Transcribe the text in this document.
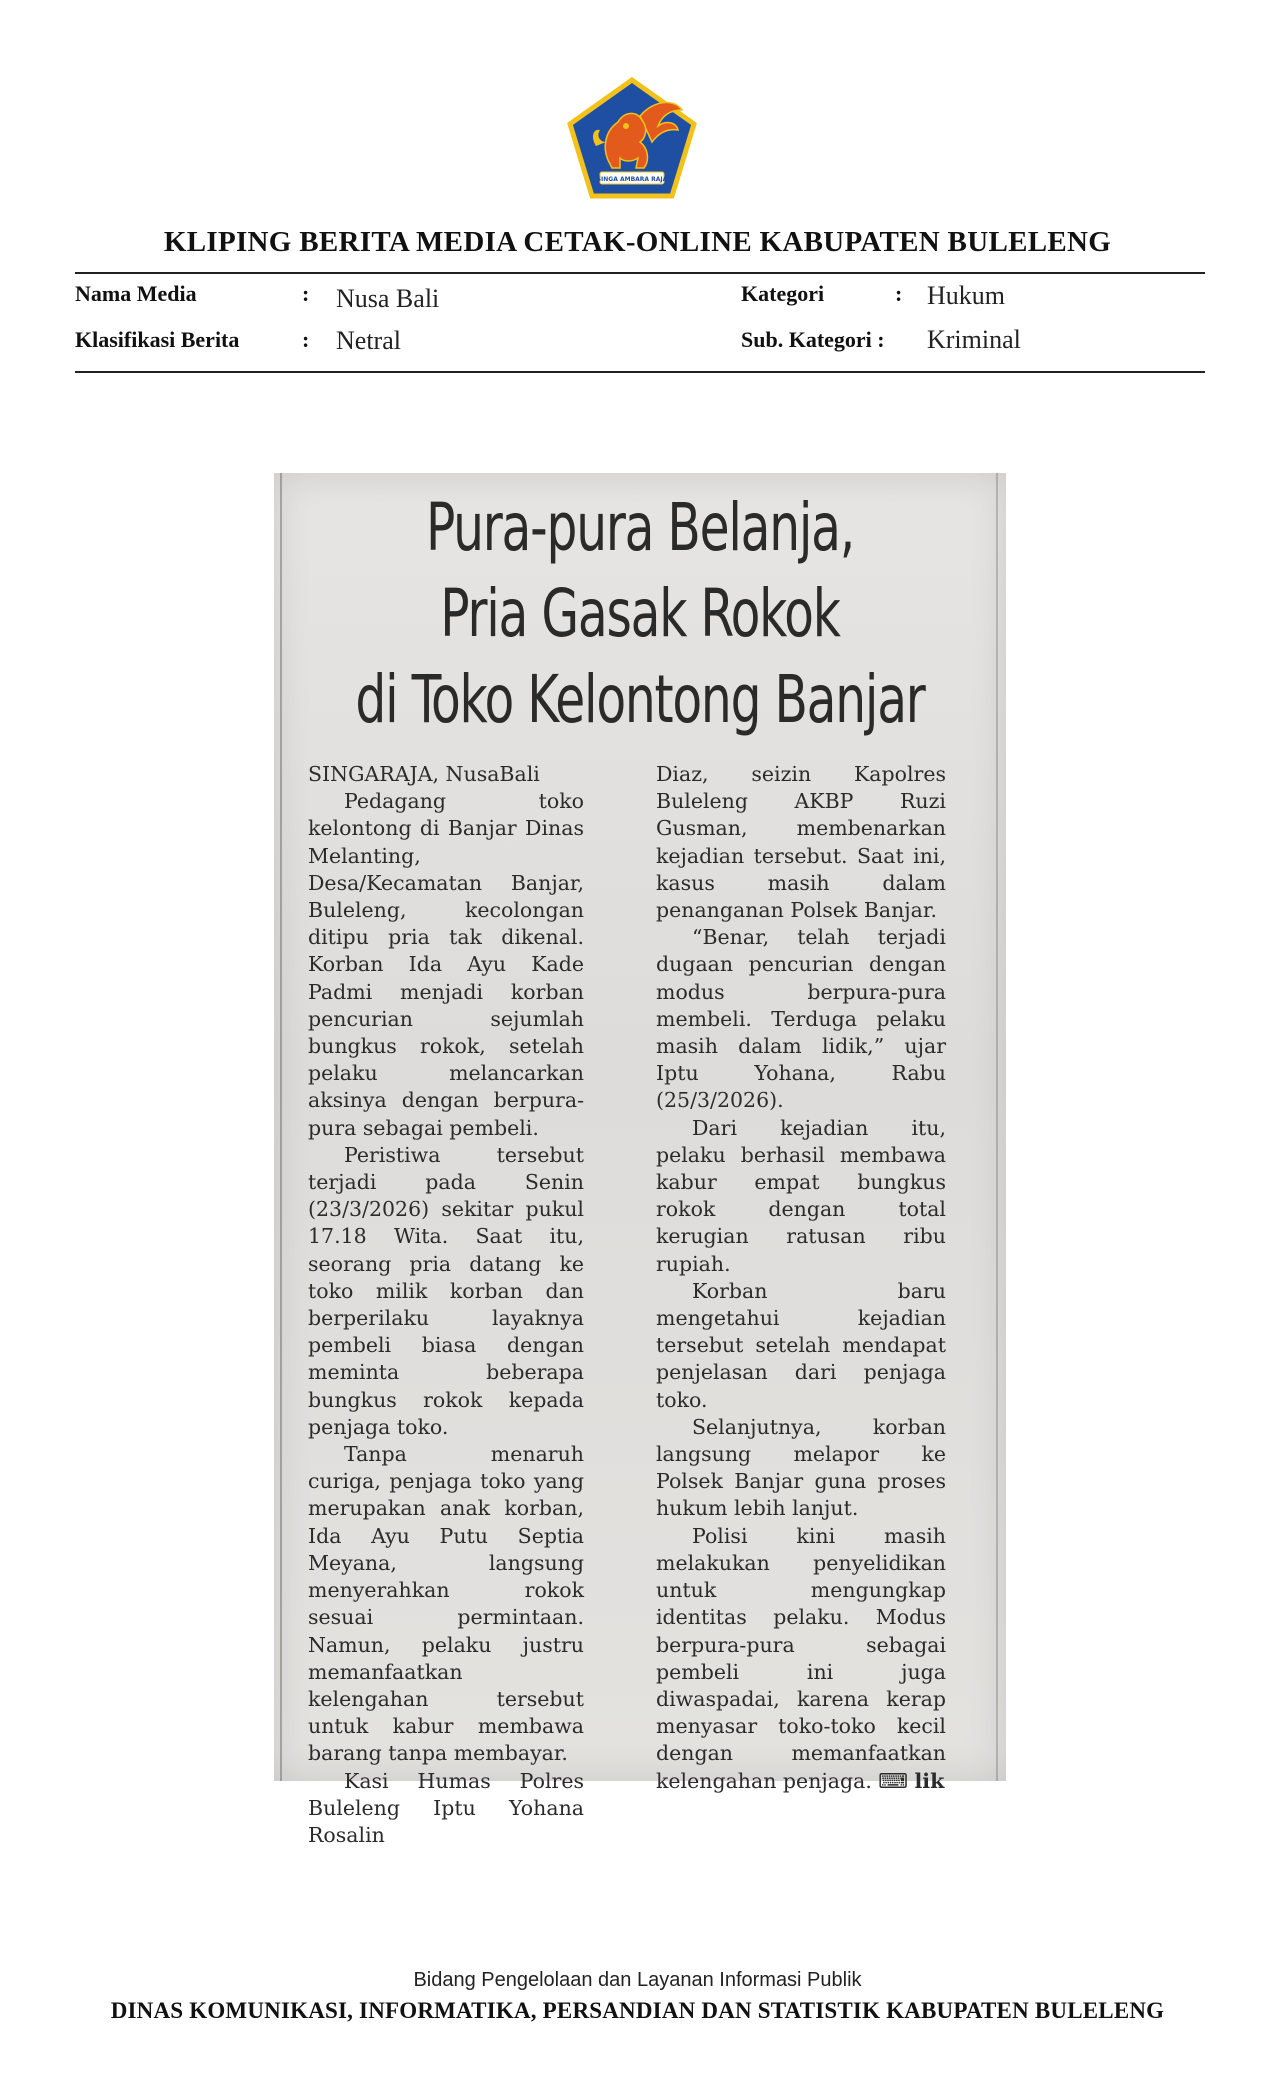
SINGA AMBARA RAJA
KLIPING BERITA MEDIA CETAK-ONLINE KABUPATEN BULELENG
Nama Media	: Nusa Bali
Klasifikasi Berita	: Netral
Kategori	: Hukum
Sub. Kategori : Kriminal
Pura-pura Belanja,
Pria Gasak Rokok
di Toko Kelontong Banjar

SINGARAJA, NusaBali

Pedagang toko kelontong di Banjar Dinas Melanting, Desa/Kecamatan Banjar, Buleleng, kecolongan ditipu pria tak dikenal. Korban Ida Ayu Kade Padmi menjadi korban pencurian sejumlah bungkus rokok, setelah pelaku melancarkan aksinya dengan berpura-pura sebagai pembeli.

Peristiwa tersebut terjadi pada Senin (23/3/2026) sekitar pukul 17.18 Wita. Saat itu, seorang pria datang ke toko milik korban dan berperilaku layaknya pembeli biasa dengan meminta beberapa bungkus rokok kepada penjaga toko.

Tanpa menaruh curiga, penjaga toko yang merupakan anak korban, Ida Ayu Putu Septia Meyana, langsung menyerahkan rokok sesuai permintaan. Namun, pelaku justru memanfaatkan kelengahan tersebut untuk kabur membawa barang tanpa membayar.

Kasi Humas Polres Buleleng Iptu Yohana Rosalin

Diaz, seizin Kapolres Buleleng AKBP Ruzi Gusman, membenarkan kejadian tersebut. Saat ini, kasus masih dalam penanganan Polsek Banjar.

“Benar, telah terjadi dugaan pencurian dengan modus berpura-pura membeli. Terduga pelaku masih dalam lidik,” ujar Iptu Yohana, Rabu (25/3/2026).

Dari kejadian itu, pelaku berhasil membawa kabur empat bungkus rokok dengan total kerugian ratusan ribu rupiah.

Korban baru mengetahui kejadian tersebut setelah mendapat penjelasan dari penjaga toko.

Selanjutnya, korban langsung melapor ke Polsek Banjar guna proses hukum lebih lanjut.

Polisi kini masih melakukan penyelidikan untuk mengungkap identitas pelaku. Modus berpura-pura sebagai pembeli ini juga diwaspadai, karena kerap menyasar toko-toko kecil dengan memanfaatkan kelengahan penjaga. ⌨ lik

Bidang Pengelolaan dan Layanan Informasi Publik
DINAS KOMUNIKASI, INFORMATIKA, PERSANDIAN DAN STATISTIK KABUPATEN BULELENG
